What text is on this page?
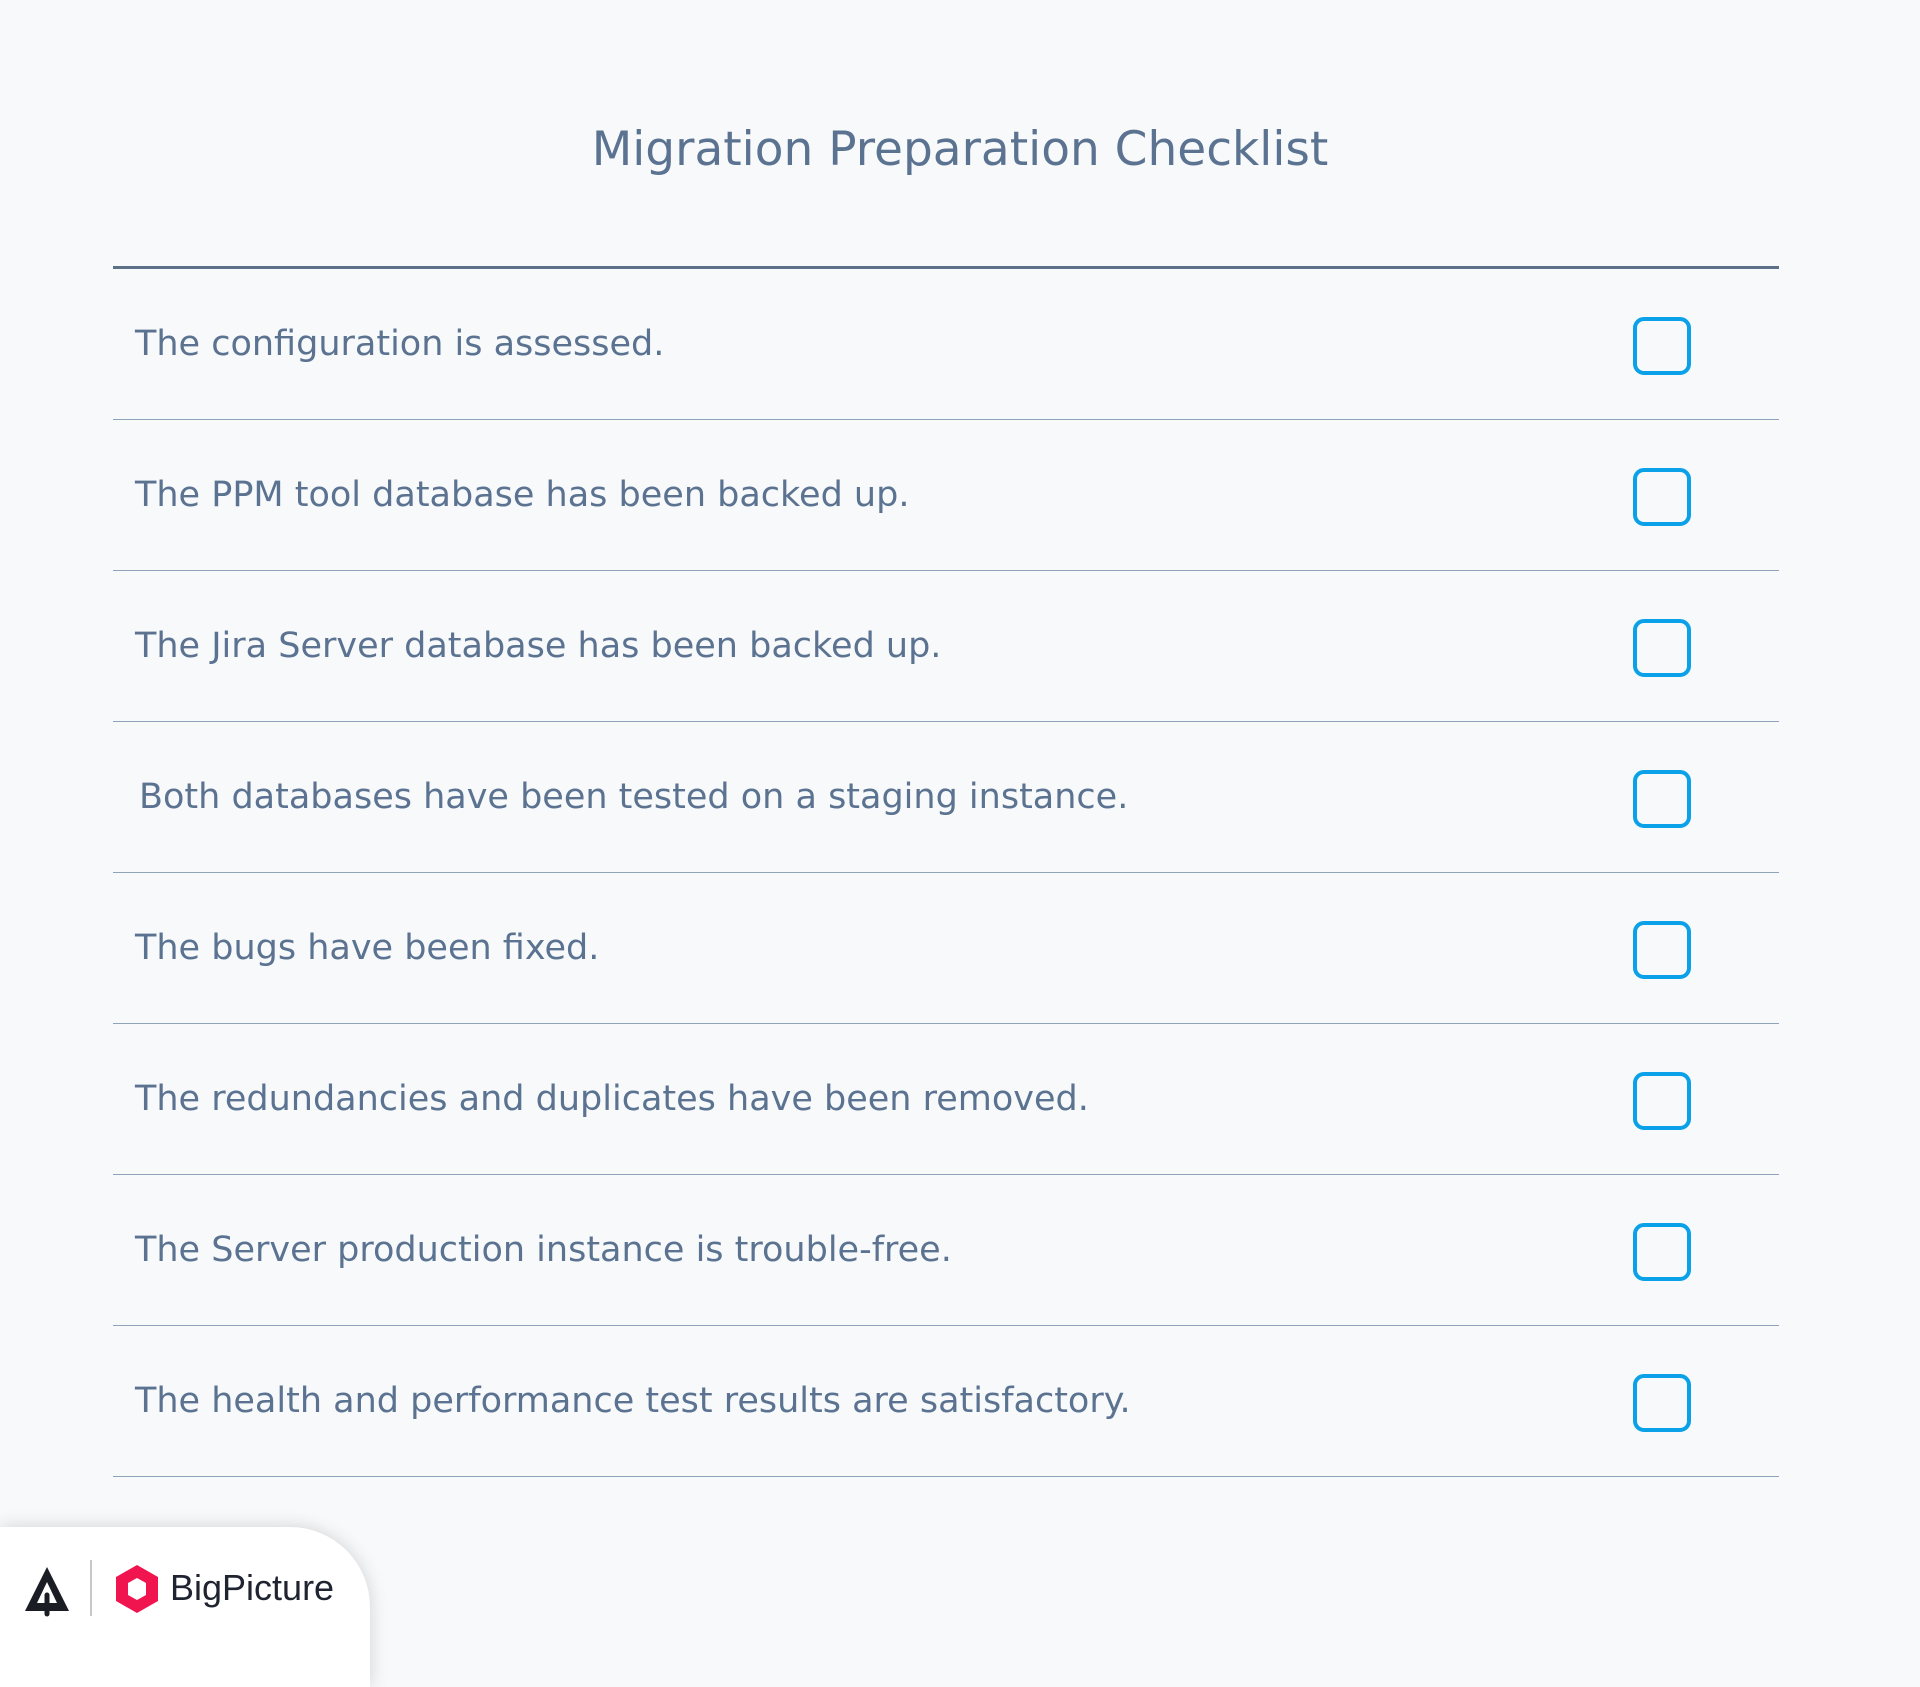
Migration Preparation Checklist
The configuration is assessed.
The PPM tool database has been backed up.
The Jira Server database has been backed up.
Both databases have been tested on a staging instance.
The bugs have been fixed.
The redundancies and duplicates have been removed.
The Server production instance is trouble-free.
The health and performance test results are satisfactory.
BigPicture
